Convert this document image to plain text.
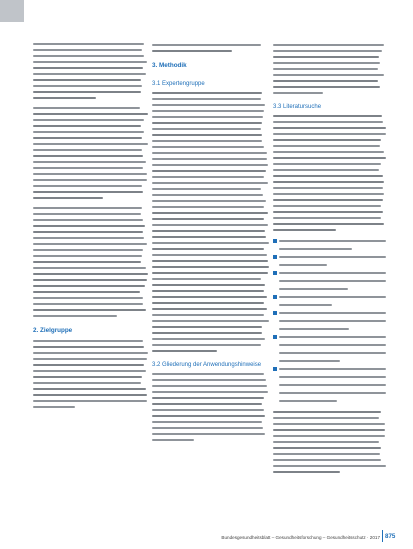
2. Zielgruppe
3. Methodik
3.1 Expertengruppe
3.2 Gliederung der Anwendungshinweise
3.3 Literatursuche
Bundesgesundheitsblatt – Gesundheitsforschung – Gesundheitsschutz · 2017 875
